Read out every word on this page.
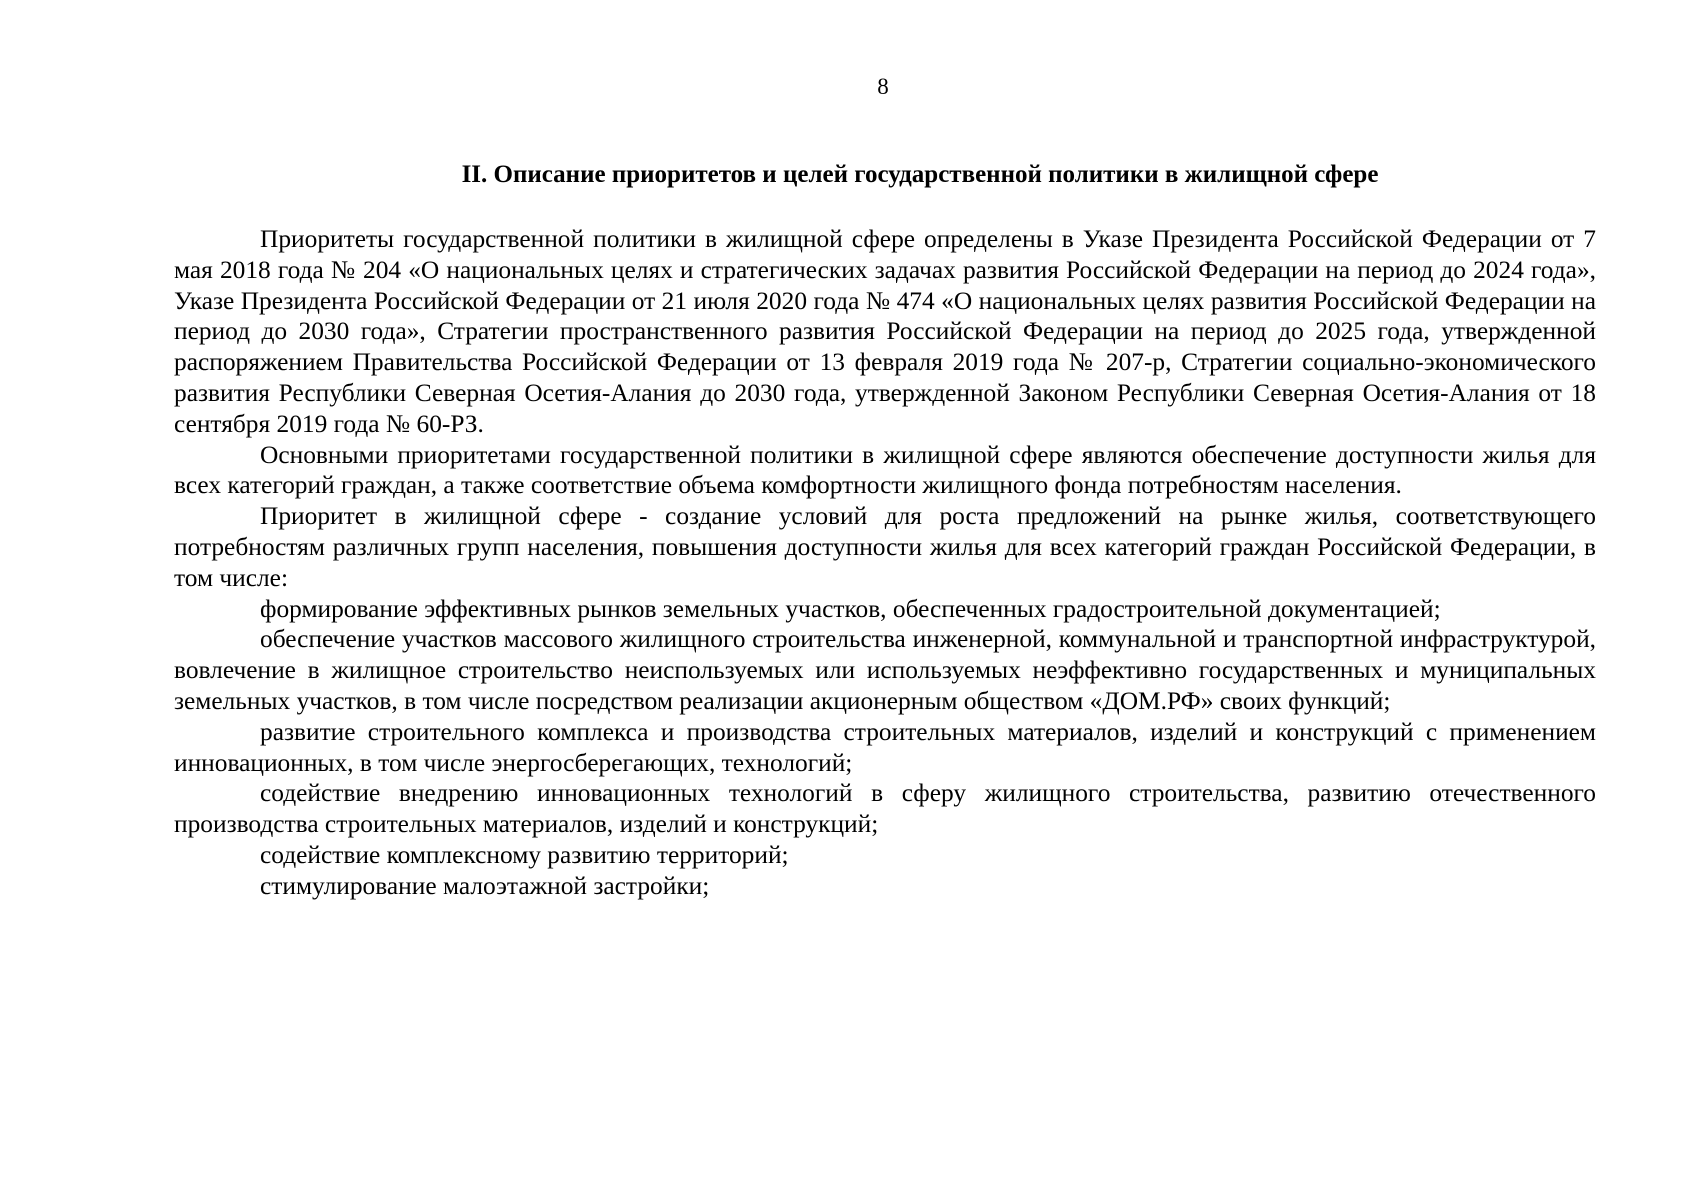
8
II. Описание приоритетов и целей государственной политики в жилищной сфере

Приоритеты государственной политики в жилищной сфере определены в Указе Президента Российской Федерации от 7 мая 2018 года № 204 «О национальных целях и стратегических задачах развития Российской Федерации на период до 2024 года», Указе Президента Российской Федерации от 21 июля 2020 года № 474 «О национальных целях развития Российской Федерации на период до 2030 года», Стратегии пространственного развития Российской Федерации на период до 2025 года, утвержденной распоряжением Правительства Российской Федерации от 13 февраля 2019 года № 207-р, Стратегии социально-экономического развития Республики Северная Осетия-Алания до 2030 года, утвержденной Законом Республики Северная Осетия-Алания от 18 сентября 2019 года № 60-РЗ.

Основными приоритетами государственной политики в жилищной сфере являются обеспечение доступности жилья для всех категорий граждан, а также соответствие объема комфортности жилищного фонда потребностям населения.

Приоритет в жилищной сфере - создание условий для роста предложений на рынке жилья, соответствующего потребностям различных групп населения, повышения доступности жилья для всех категорий граждан Российской Федерации, в том числе:

формирование эффективных рынков земельных участков, обеспеченных градостроительной документацией;

обеспечение участков массового жилищного строительства инженерной, коммунальной и транспортной инфраструктурой, вовлечение в жилищное строительство неиспользуемых или используемых неэффективно государственных и муниципальных земельных участков, в том числе посредством реализации акционерным обществом «ДОМ.РФ» своих функций;

развитие строительного комплекса и производства строительных материалов, изделий и конструкций с применением инновационных, в том числе энергосберегающих, технологий;

содействие внедрению инновационных технологий в сферу жилищного строительства, развитию отечественного производства строительных материалов, изделий и конструкций;

содействие комплексному развитию территорий;

стимулирование малоэтажной застройки;
